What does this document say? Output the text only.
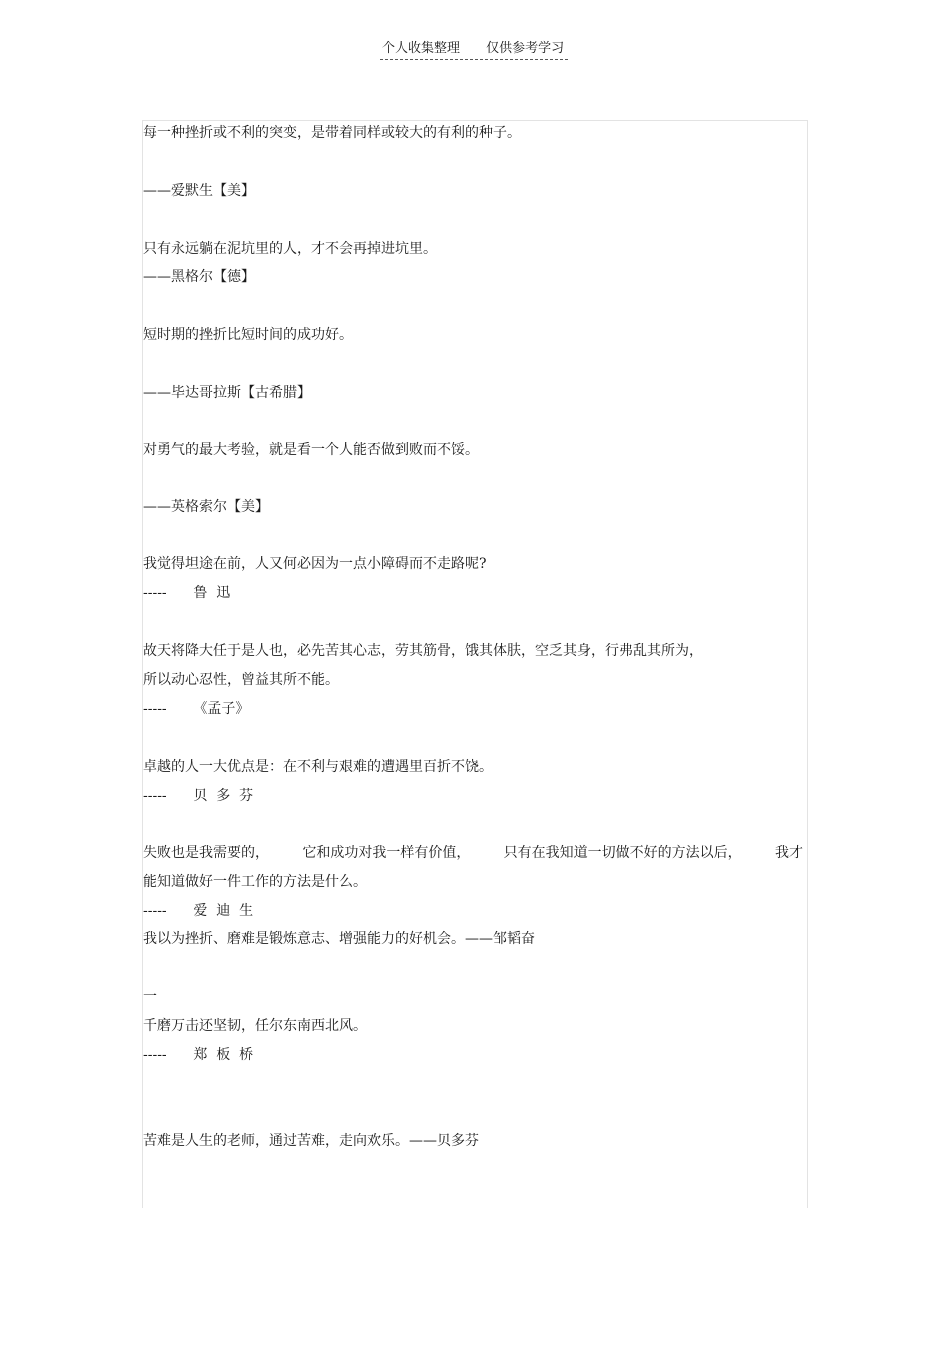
个人收集整理 仅供参考学习
每一种挫折或不利的突变，是带着同样或较大的有利的种子。
——爱默生【美】
只有永远躺在泥坑里的人，才不会再掉进坑里。
——黑格尔【德】
短时期的挫折比短时间的成功好。
——毕达哥拉斯【古希腊】
对勇气的最大考验，就是看一个人能否做到败而不馁。
——英格索尔【美】
我觉得坦途在前，人又何必因为一点小障碍而不走路呢?
-----      鲁  迅
故天将降大任于是人也，必先苦其心志，劳其筋骨，饿其体肤，空乏其身，行弗乱其所为，
所以动心忍性，曾益其所不能。
-----      《孟子》
卓越的人一大优点是：在不利与艰难的遭遇里百折不饶。
-----      贝  多  芬
失败也是我需要的， 它和成功对我一样有价值， 只有在我知道一切做不好的方法以后， 我才
能知道做好一件工作的方法是什么。
-----      爱  迪  生
我以为挫折、磨难是锻炼意志、增强能力的好机会。——邹韬奋
一
千磨万击还坚韧，任尔东南西北风。
-----      郑  板  桥
苦难是人生的老师，通过苦难，走向欢乐。——贝多芬
